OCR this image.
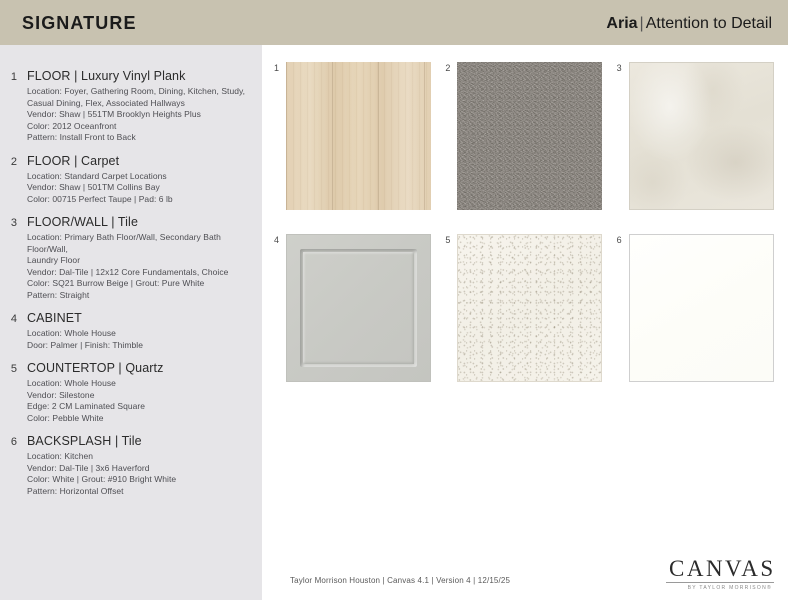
SIGNATURE	Aria | Attention to Detail
1 FLOOR | Luxury Vinyl Plank
Location: Foyer, Gathering Room, Dining, Kitchen, Study,
Casual Dining, Flex, Associated Hallways
Vendor: Shaw | 551TM Brooklyn Heights Plus
Color: 2012 Oceanfront
Pattern: Install Front to Back
2 FLOOR | Carpet
Location: Standard Carpet Locations
Vendor: Shaw | 501TM Collins Bay
Color: 00715 Perfect Taupe | Pad: 6 lb
3 FLOOR/WALL | Tile
Location: Primary Bath Floor/Wall, Secondary Bath Floor/Wall,
Laundry Floor
Vendor: Dal-Tile | 12x12 Core Fundamentals, Choice
Color: SQ21 Burrow Beige | Grout: Pure White
Pattern: Straight
4 CABINET
Location: Whole House
Door: Palmer | Finish: Thimble
5 COUNTERTOP | Quartz
Location: Whole House
Vendor: Silestone
Edge: 2 CM Laminated Square
Color: Pebble White
6 BACKSPLASH | Tile
Location: Kitchen
Vendor: Dal-Tile | 3x6 Haverford
Color: White | Grout: #910 Bright White
Pattern: Horizontal Offset
1	2	3
4	5	6
Taylor Morrison Houston | Canvas 4.1 | Version 4 | 12/15/25	CANVAS
BY TAYLOR MORRISON®
